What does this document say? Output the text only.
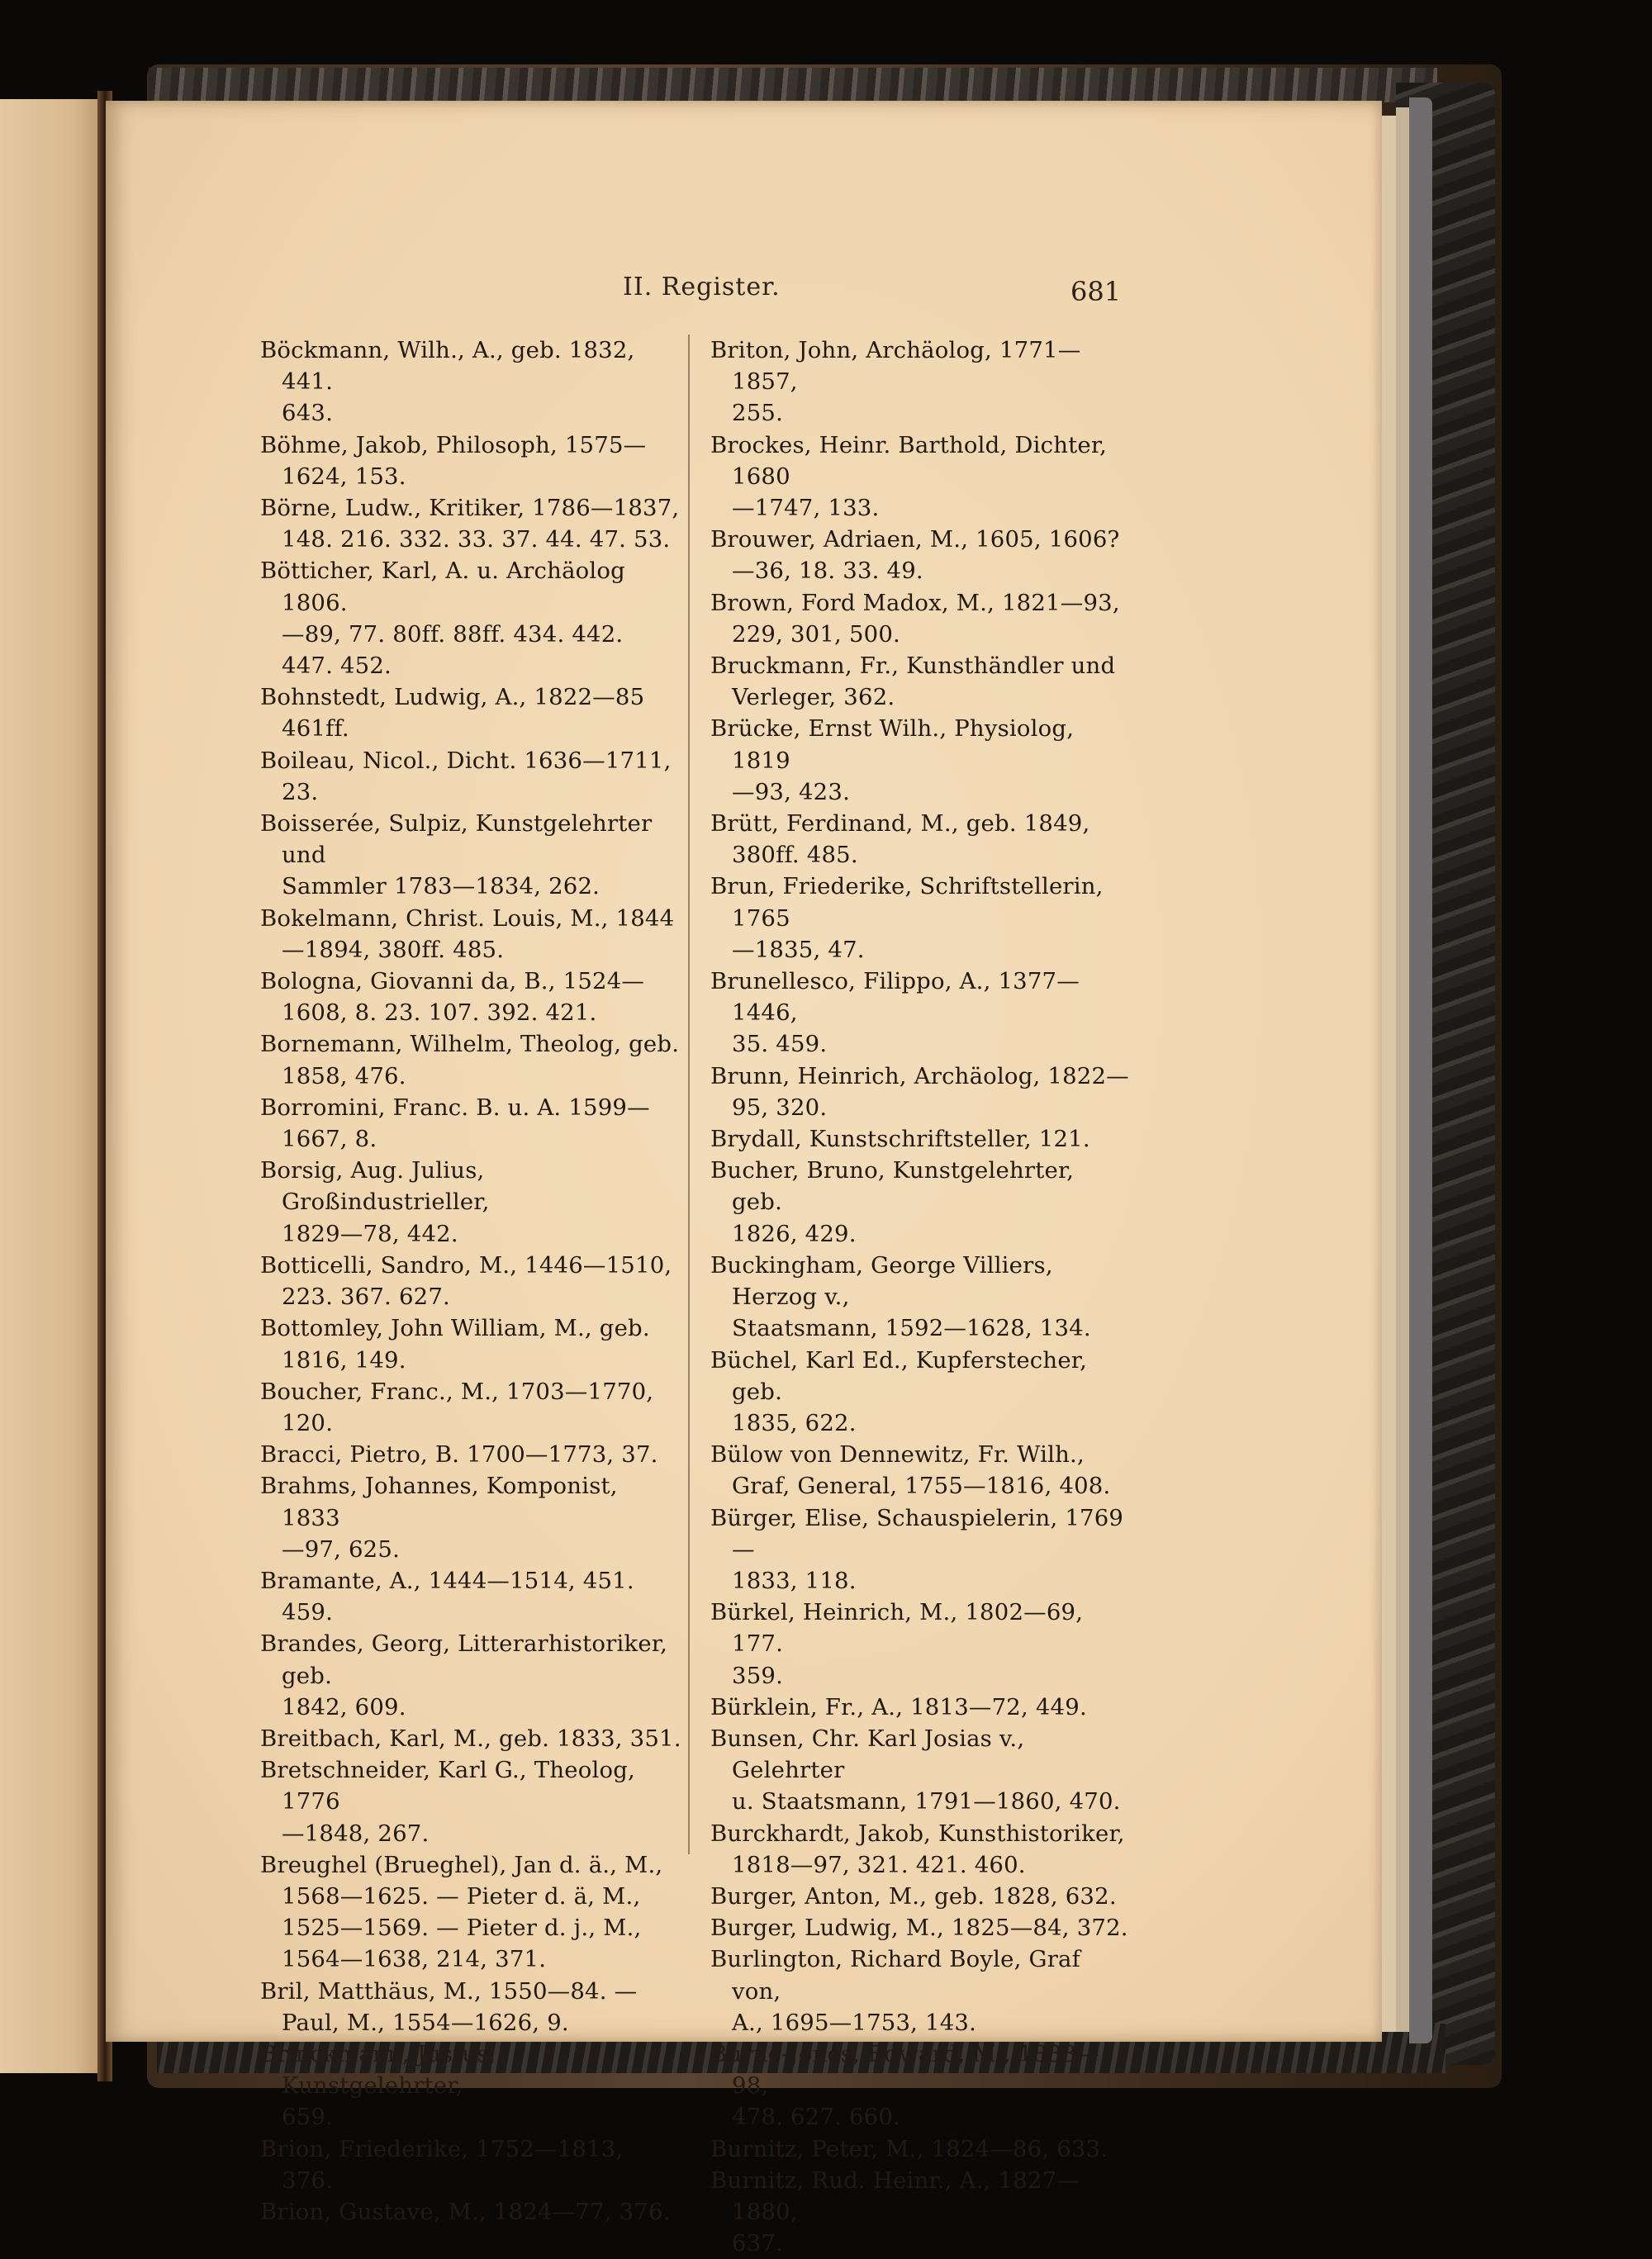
II. Register.	681
Böckmann, Wilh., A., geb. 1832, 441.
643.
Böhme, Jakob, Philosoph, 1575—
1624, 153.
Börne, Ludw., Kritiker, 1786—1837,
148. 216. 332. 33. 37. 44. 47. 53.
Bötticher, Karl, A. u. Archäolog 1806.
—89, 77. 80ff. 88ff. 434. 442.
447. 452.
Bohnstedt, Ludwig, A., 1822—85 461ff.
Boileau, Nicol., Dicht. 1636—1711, 23.
Boisserée, Sulpiz, Kunstgelehrter und
Sammler 1783—1834, 262.
Bokelmann, Christ. Louis, M., 1844
—1894, 380ff. 485.
Bologna, Giovanni da, B., 1524—
1608, 8. 23. 107. 392. 421.
Bornemann, Wilhelm, Theolog, geb.
1858, 476.
Borromini, Franc. B. u. A. 1599—
1667, 8.
Borsig, Aug. Julius, Großindustrieller,
1829—78, 442.
Botticelli, Sandro, M., 1446—1510,
223. 367. 627.
Bottomley, John William, M., geb.
1816, 149.
Boucher, Franc., M., 1703—1770, 120.
Bracci, Pietro, B. 1700—1773, 37.
Brahms, Johannes, Komponist, 1833
—97, 625.
Bramante, A., 1444—1514, 451. 459.
Brandes, Georg, Litterarhistoriker, geb.
1842, 609.
Breitbach, Karl, M., geb. 1833, 351.
Bretschneider, Karl G., Theolog, 1776
—1848, 267.
Breughel (Brueghel), Jan d. ä., M.,
1568—1625. — Pieter d. ä, M.,
1525—1569. — Pieter d. j., M.,
1564—1638, 214, 371.
Bril, Matthäus, M., 1550—84. —
Paul, M., 1554—1626, 9.
Brinckmann, Justus, Kunstgelehrter,
659.
Brion, Friederike, 1752—1813, 376.
Brion, Gustave, M., 1824—77, 376.
Briton, John, Archäolog, 1771—1857,
255.
Brockes, Heinr. Barthold, Dichter, 1680
—1747, 133.
Brouwer, Adriaen, M., 1605, 1606?
—36, 18. 33. 49.
Brown, Ford Madox, M., 1821—93,
229, 301, 500.
Bruckmann, Fr., Kunsthändler und
Verleger, 362.
Brücke, Ernst Wilh., Physiolog, 1819
—93, 423.
Brütt, Ferdinand, M., geb. 1849,
380ff. 485.
Brun, Friederike, Schriftstellerin, 1765
—1835, 47.
Brunellesco, Filippo, A., 1377—1446,
35. 459.
Brunn, Heinrich, Archäolog, 1822—
95, 320.
Brydall, Kunstschriftsteller, 121.
Bucher, Bruno, Kunstgelehrter, geb.
1826, 429.
Buckingham, George Villiers, Herzog v.,
Staatsmann, 1592—1628, 134.
Büchel, Karl Ed., Kupferstecher, geb.
1835, 622.
Bülow von Dennewitz, Fr. Wilh.,
Graf, General, 1755—1816, 408.
Bürger, Elise, Schauspielerin, 1769—
1833, 118.
Bürkel, Heinrich, M., 1802—69, 177.
359.
Bürklein, Fr., A., 1813—72, 449.
Bunsen, Chr. Karl Josias v., Gelehrter
u. Staatsmann, 1791—1860, 470.
Burckhardt, Jakob, Kunsthistoriker,
1818—97, 321. 421. 460.
Burger, Anton, M., geb. 1828, 632.
Burger, Ludwig, M., 1825—84, 372.
Burlington, Richard Boyle, Graf von,
A., 1695—1753, 143.
Burne-Jones, Edward, M., 1833—98,
478. 627. 660.
Burnitz, Peter, M., 1824—86, 633.
Burnitz, Rud. Heinr., A., 1827—1880,
637.
